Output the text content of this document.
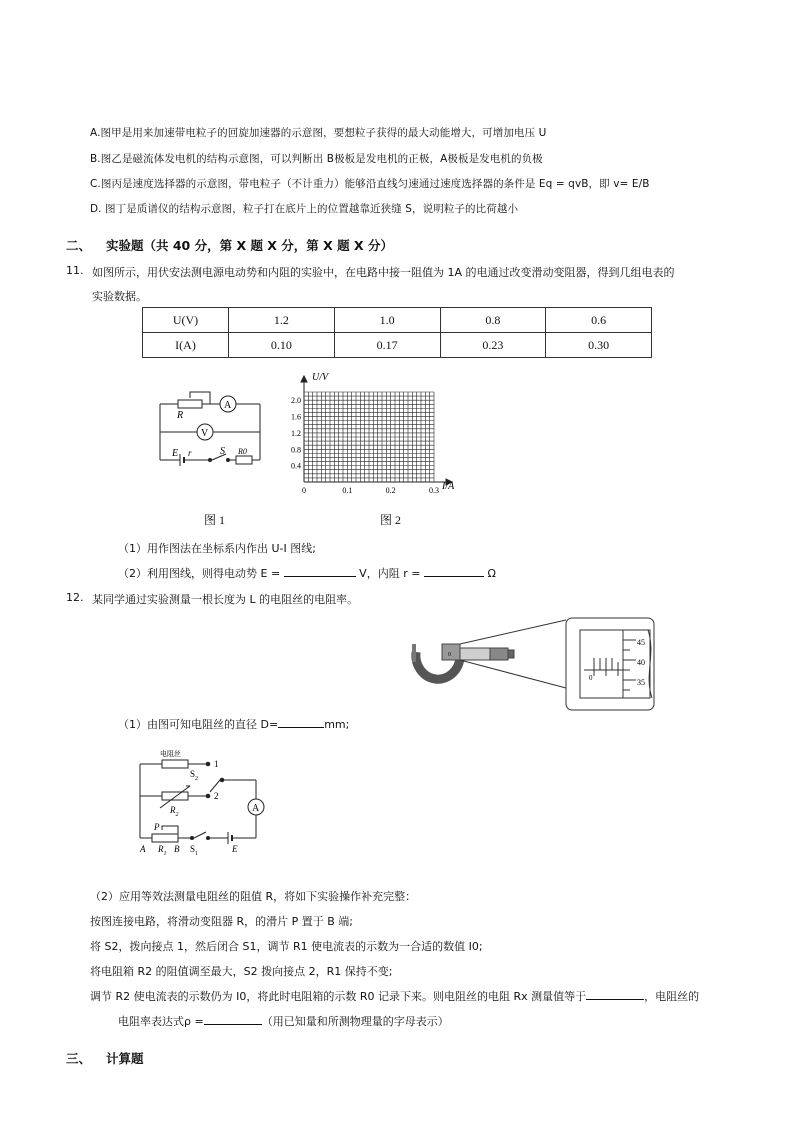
A.图甲是用来加速带电粒子的回旋加速器的示意图，要想粒子获得的最大动能增大，可增加电压 U
B.图乙是磁流体发电机的结构示意图，可以判断出 B极板是发电机的正极，A极板是发电机的负极
C.图丙是速度选择器的示意图，带电粒子（不计重力）能够沿直线匀速通过速度选择器的条件是 Eq = qvB，即 v= E/B
D. 图丁是质谱仪的结构示意图，粒子打在底片上的位置越靠近狭缝 S，说明粒子的比荷越小
二、 实验题（共 40 分，第 X 题 X 分，第 X 题 X 分）
11. 如图所示，用伏安法测电源电动势和内阻的实验中，在电路中接一阻值为 1A 的电通过改变滑动变阻器，得到几组电表的
实验数据。
U(V)	1.2	1.0	0.8	0.6
I(A)	0.10	0.17	0.23	0.30
R
A
V
E r	S R0
图 1
2.0
1.6
1.2
0.8
0.4
0	0.1	0.2	0.3
U/V
I/A
图 2
（1）用作图法在坐标系内作出 U-I 图线;
（2）利用图线，则得电动势 E =	V，内阻 r =	Ω
12. 某同学通过实验测量一根长度为 L 的电阻丝的电阻率。
0
0
45
40
35
（1）由图可知电阻丝的直径 D=	mm;
电阻丝
1
2
$S_2$
$R_2$
A
P
A $R_1$ B $S_1$	E
（2）应用等效法测量电阻丝的阻值 R，将如下实验操作补充完整：
按图连接电路，将滑动变阻器 R，的滑片 P 置于 B 端;
将 S2，拨向接点 1，然后闭合 S1，调节 R1 使电流表的示数为一合适的数值 I0;
将电阻箱 R2 的阻值调至最大，S2 拨向接点 2，R1 保持不变;
调节 R2 使电流表的示数仍为 I0，将此时电阻箱的示数 R0 记录下来。则电阻丝的电阻 Rx 测量值等于	，电阻丝的
电阻率表达式ρ =	（用已知量和所测物理量的字母表示）
三、 计算题
